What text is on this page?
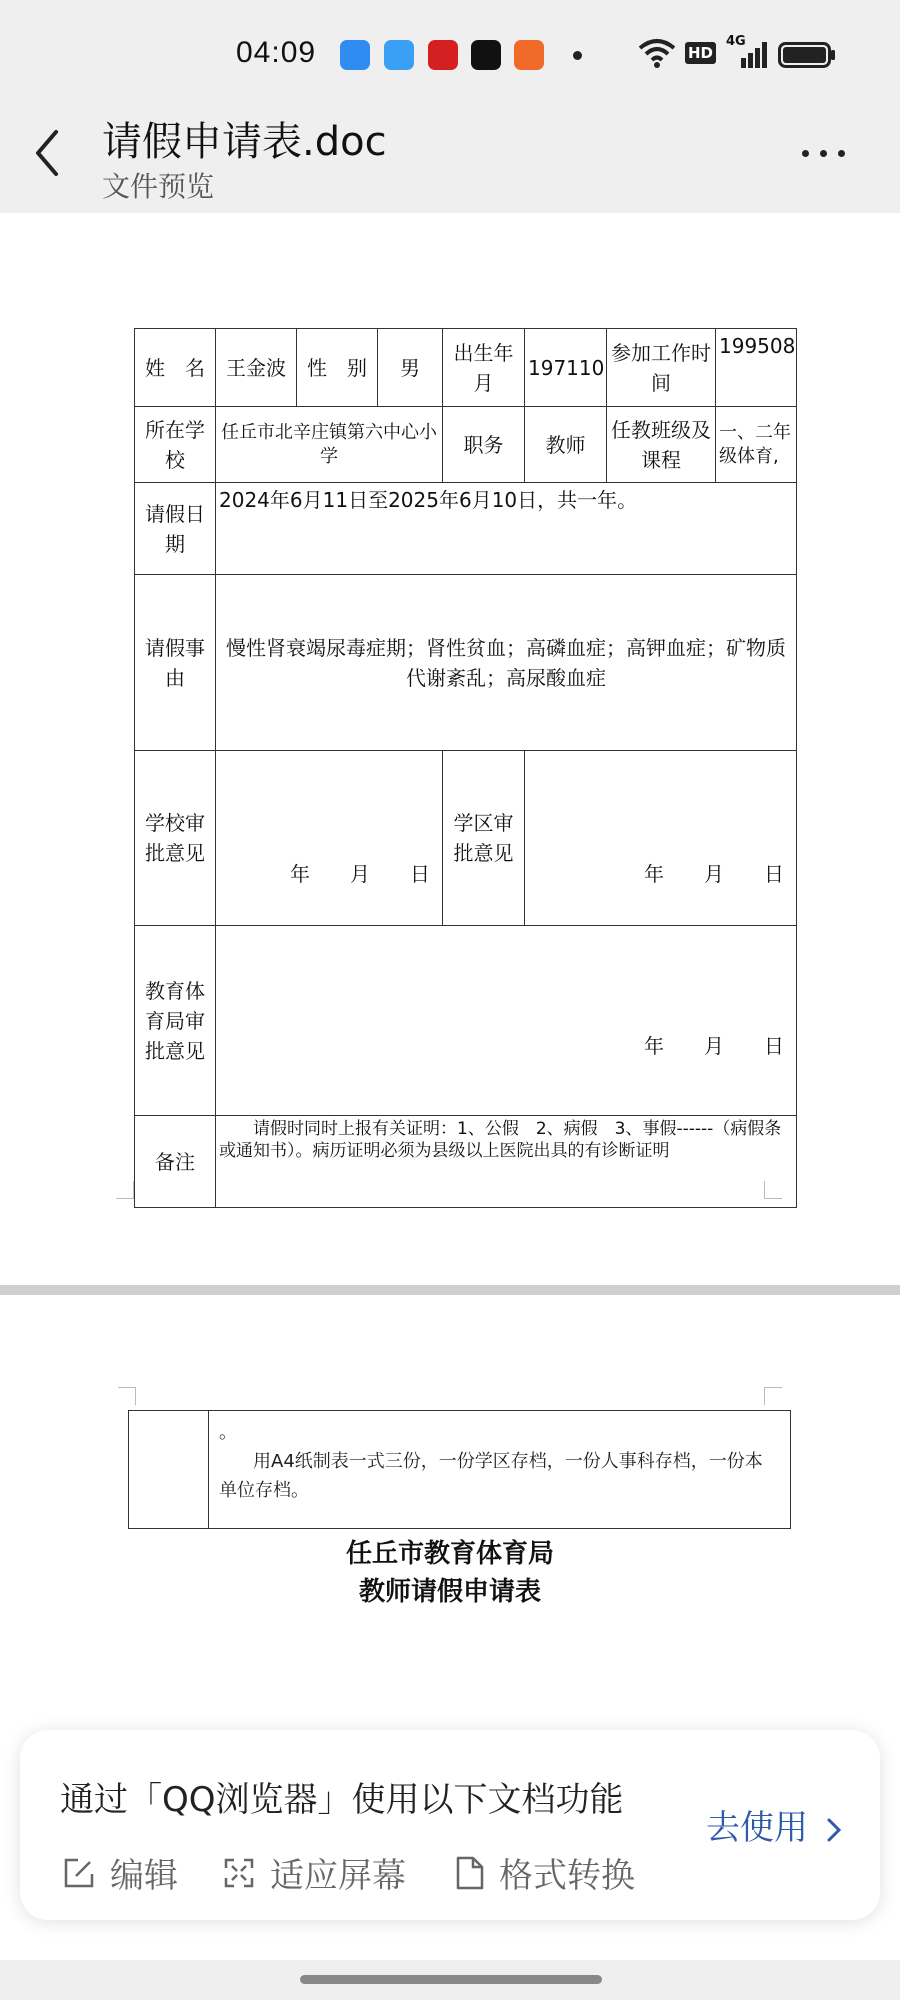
04:09	HD
4G
请假申请表.doc
文件预览
姓　名	王金波	性　别	男	出生年月	197110	参加工作时间	199508
所在学校	任丘市北辛庄镇第六中心小学			职务	教师	任教班级及课程	一、二年级体育,
请假日期	2024年6月11日至2025年6月10日，共一年。						
请假事由	慢性肾衰竭尿毒症期；肾性贫血；高磷血症；高钾血症；矿物质代谢紊乱；高尿酸血症						
学校审批意见	年　　月　　日			学区审批意见	年　　月　　日		
教育体育局审批意见	年　　月　　日						
备注	请假时同时上报有关证明：1、公假　2、病假　3、事假------（病假条或通知书）。病历证明必须为县级以上医院出具的有诊断证明						

。
用A4纸制表一式三份，一份学区存档，一份人事科存档，一份本单位存档。
任丘市教育体育局
教师请假申请表
通过「QQ浏览器」使用以下文档功能
编辑	适应屏幕	格式转换
去使用
